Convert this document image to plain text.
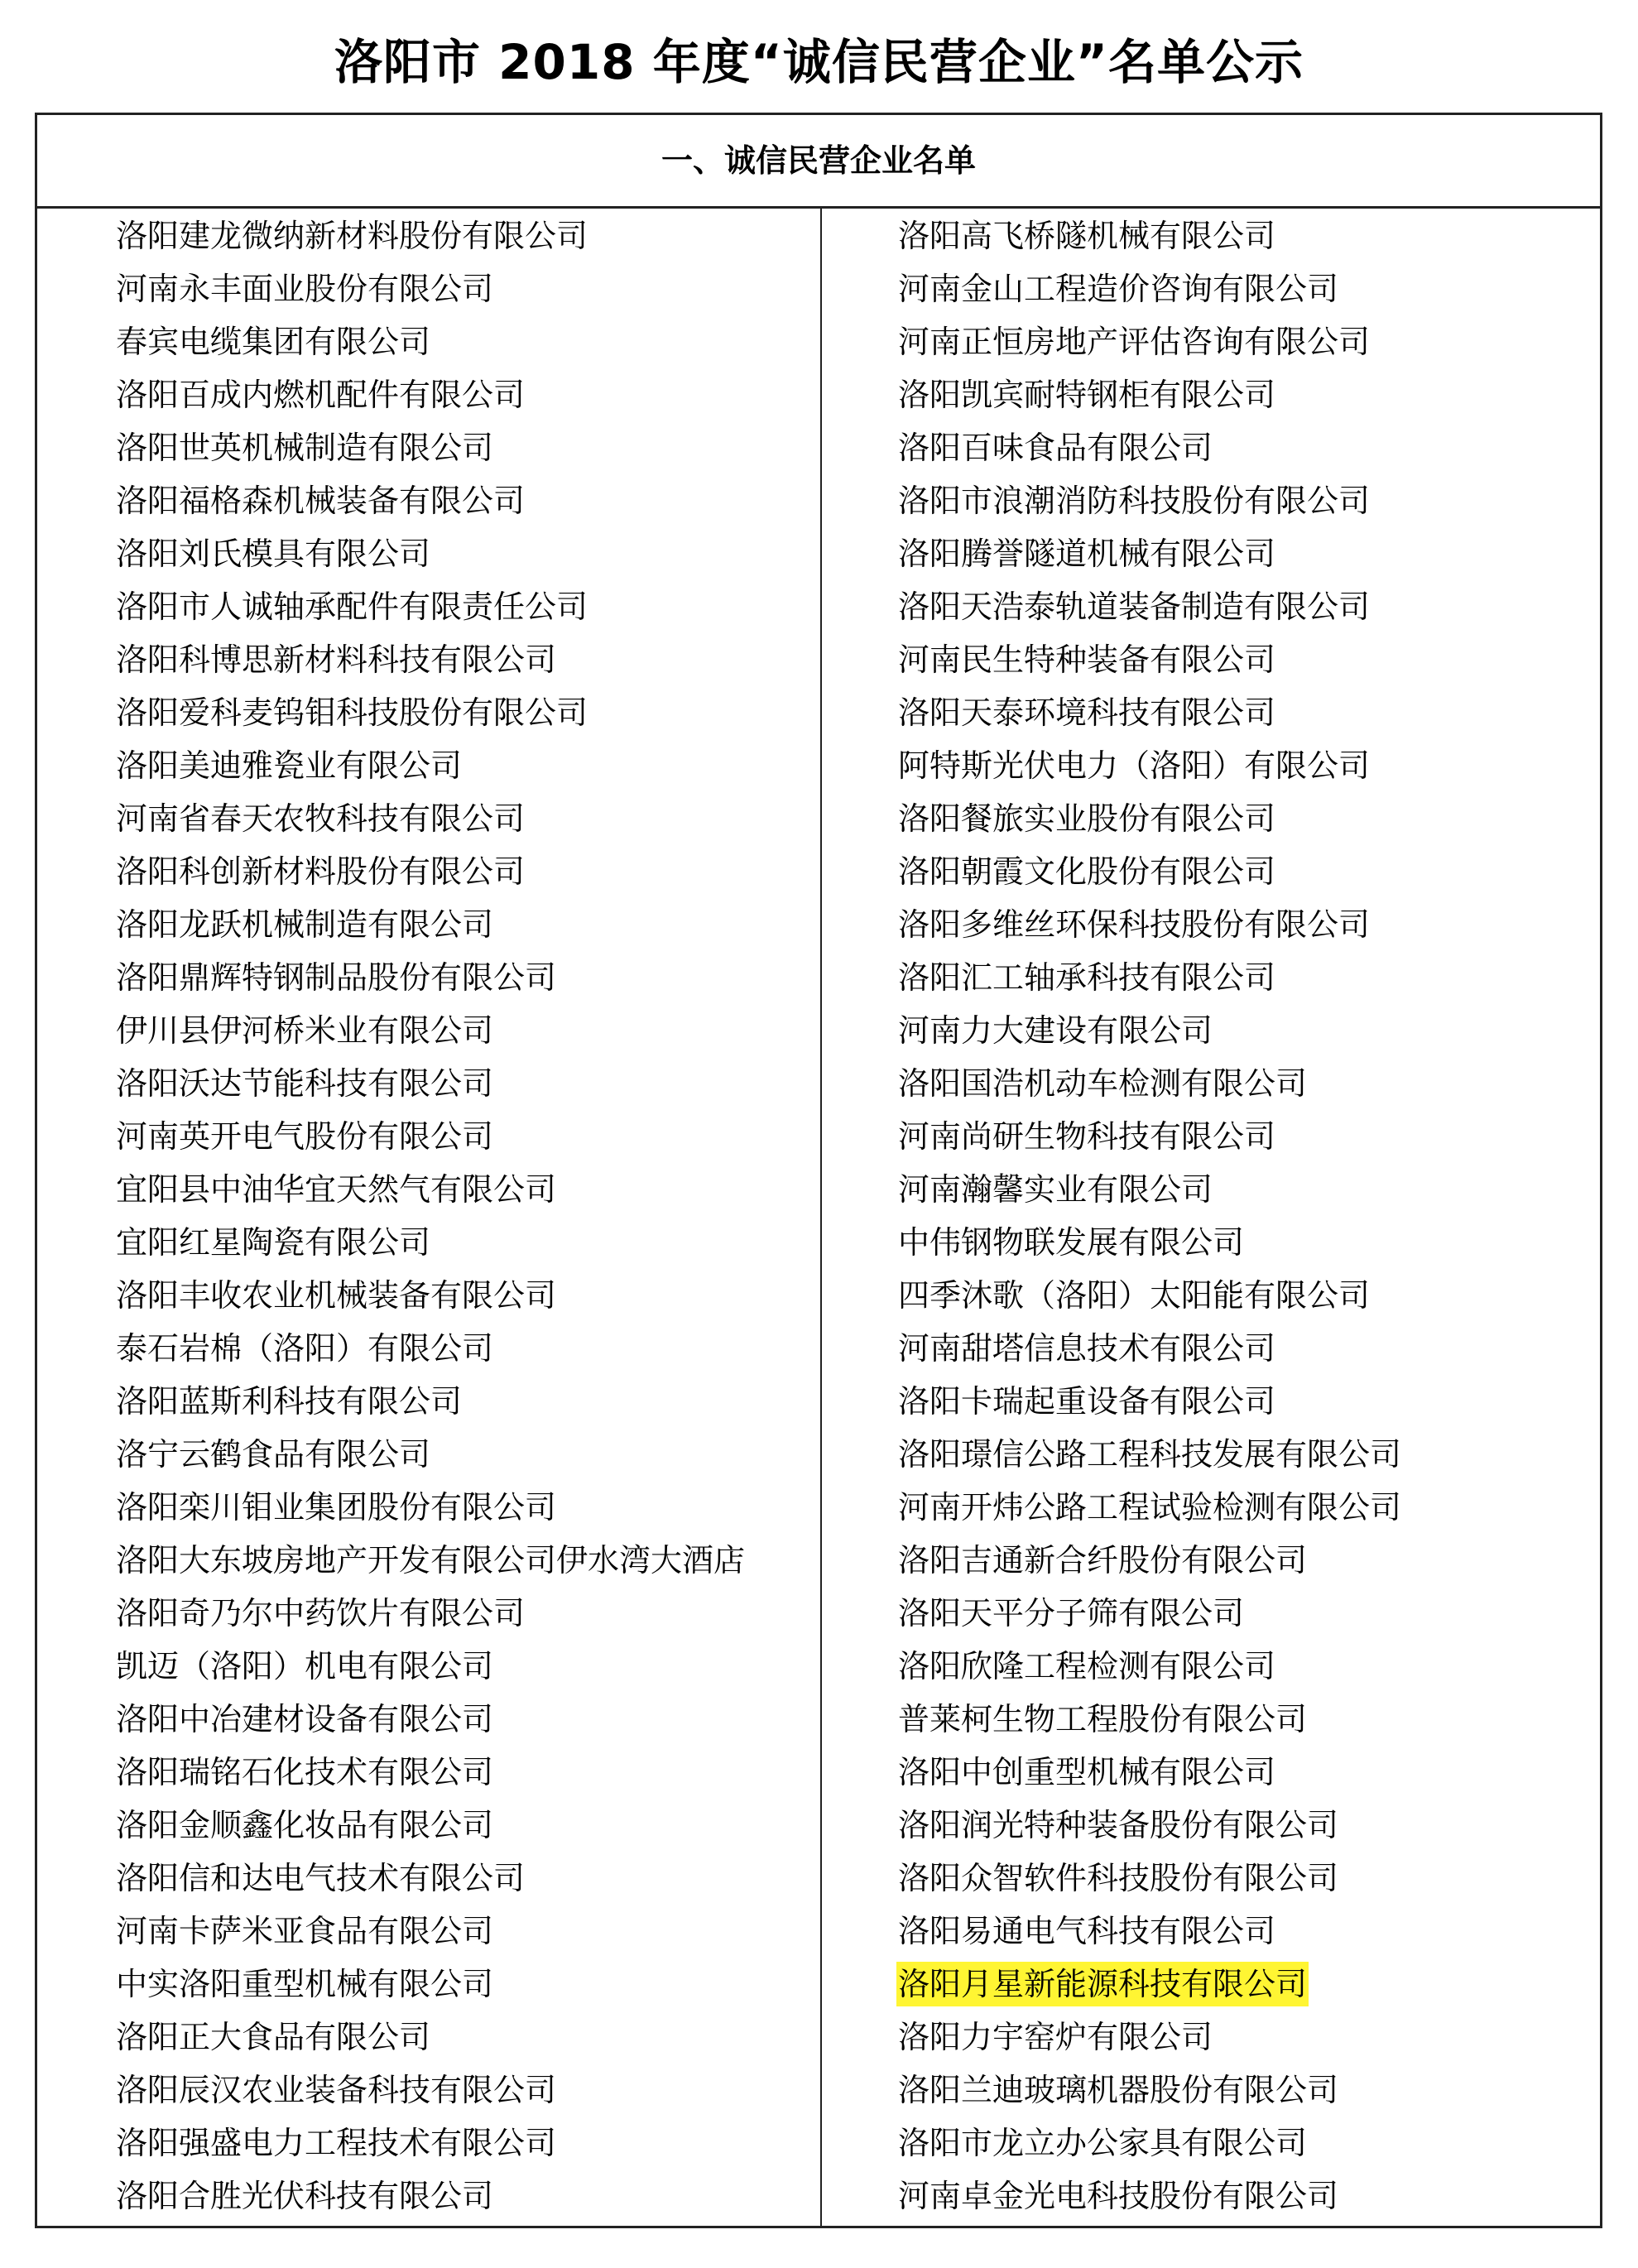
洛阳市 2018 年度“诚信民营企业”名单公示
一、诚信民营企业名单
洛阳建龙微纳新材料股份有限公司
河南永丰面业股份有限公司
春宾电缆集团有限公司
洛阳百成内燃机配件有限公司
洛阳世英机械制造有限公司
洛阳福格森机械装备有限公司
洛阳刘氏模具有限公司
洛阳市人诚轴承配件有限责任公司
洛阳科博思新材料科技有限公司
洛阳爱科麦钨钼科技股份有限公司
洛阳美迪雅瓷业有限公司
河南省春天农牧科技有限公司
洛阳科创新材料股份有限公司
洛阳龙跃机械制造有限公司
洛阳鼎辉特钢制品股份有限公司
伊川县伊河桥米业有限公司
洛阳沃达节能科技有限公司
河南英开电气股份有限公司
宜阳县中油华宜天然气有限公司
宜阳红星陶瓷有限公司
洛阳丰收农业机械装备有限公司
泰石岩棉（洛阳）有限公司
洛阳蓝斯利科技有限公司
洛宁云鹤食品有限公司
洛阳栾川钼业集团股份有限公司
洛阳大东坡房地产开发有限公司伊水湾大酒店
洛阳奇乃尔中药饮片有限公司
凯迈（洛阳）机电有限公司
洛阳中冶建材设备有限公司
洛阳瑞铭石化技术有限公司
洛阳金顺鑫化妆品有限公司
洛阳信和达电气技术有限公司
河南卡萨米亚食品有限公司
中实洛阳重型机械有限公司
洛阳正大食品有限公司
洛阳辰汉农业装备科技有限公司
洛阳强盛电力工程技术有限公司
洛阳合胜光伏科技有限公司
洛阳高飞桥隧机械有限公司
河南金山工程造价咨询有限公司
河南正恒房地产评估咨询有限公司
洛阳凯宾耐特钢柜有限公司
洛阳百味食品有限公司
洛阳市浪潮消防科技股份有限公司
洛阳腾誉隧道机械有限公司
洛阳天浩泰轨道装备制造有限公司
河南民生特种装备有限公司
洛阳天泰环境科技有限公司
阿特斯光伏电力（洛阳）有限公司
洛阳餐旅实业股份有限公司
洛阳朝霞文化股份有限公司
洛阳多维丝环保科技股份有限公司
洛阳汇工轴承科技有限公司
河南力大建设有限公司
洛阳国浩机动车检测有限公司
河南尚研生物科技有限公司
河南瀚馨实业有限公司
中伟钢物联发展有限公司
四季沐歌（洛阳）太阳能有限公司
河南甜塔信息技术有限公司
洛阳卡瑞起重设备有限公司
洛阳璟信公路工程科技发展有限公司
河南开炜公路工程试验检测有限公司
洛阳吉通新合纤股份有限公司
洛阳天平分子筛有限公司
洛阳欣隆工程检测有限公司
普莱柯生物工程股份有限公司
洛阳中创重型机械有限公司
洛阳润光特种装备股份有限公司
洛阳众智软件科技股份有限公司
洛阳易通电气科技有限公司
洛阳月星新能源科技有限公司
洛阳力宇窑炉有限公司
洛阳兰迪玻璃机器股份有限公司
洛阳市龙立办公家具有限公司
河南卓金光电科技股份有限公司
